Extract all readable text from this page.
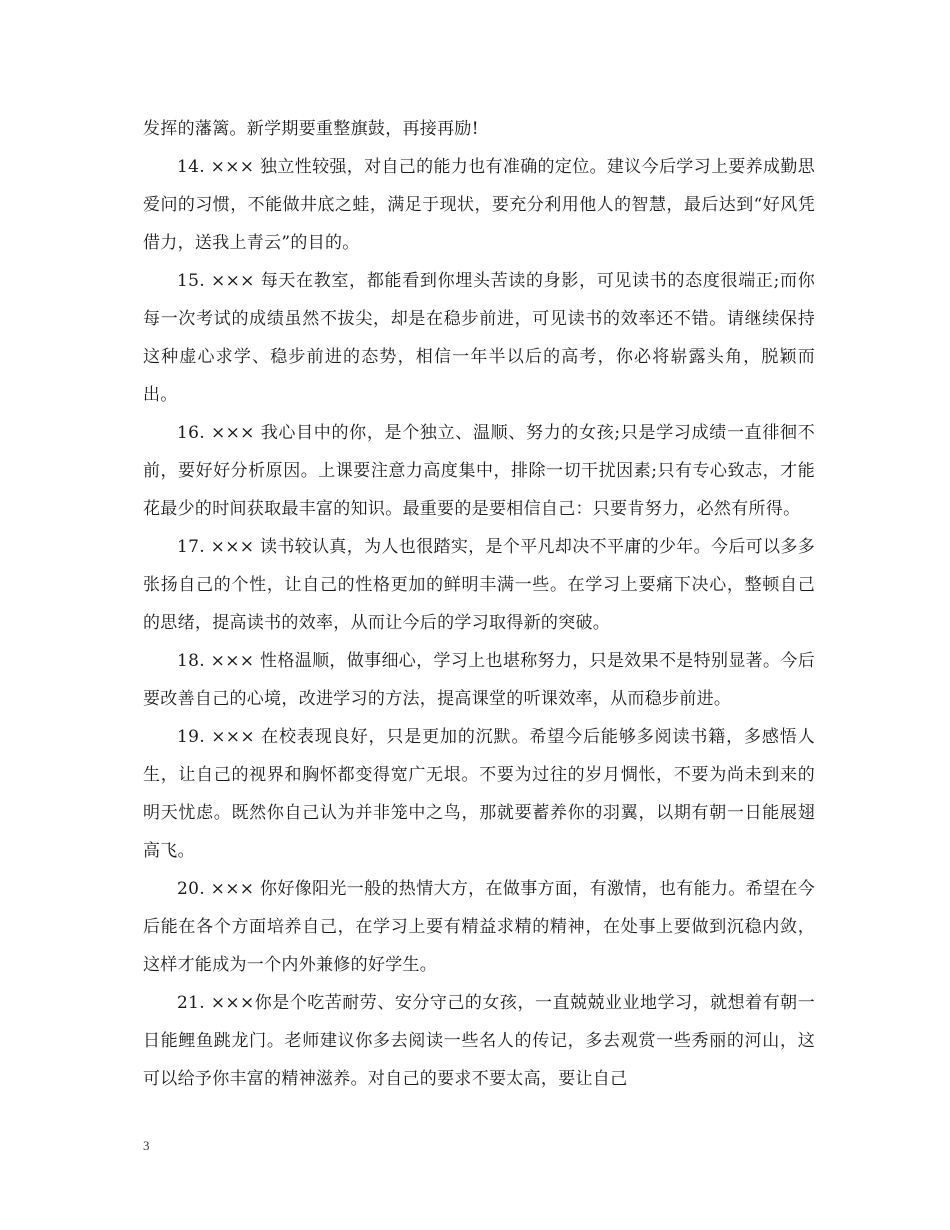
发挥的藩篱。新学期要重整旗鼓，再接再励!

14. ××× 独立性较强，对自己的能力也有准确的定位。建议今后学习上要养成勤思爱问的习惯，不能做井底之蛙，满足于现状，要充分利用他人的智慧，最后达到“好风凭借力，送我上青云”的目的。

15. ××× 每天在教室，都能看到你埋头苦读的身影，可见读书的态度很端正;而你每一次考试的成绩虽然不拔尖，却是在稳步前进，可见读书的效率还不错。请继续保持这种虚心求学、稳步前进的态势，相信一年半以后的高考，你必将崭露头角，脱颖而出。

16. ××× 我心目中的你，是个独立、温顺、努力的女孩;只是学习成绩一直徘徊不前，要好好分析原因。上课要注意力高度集中，排除一切干扰因素;只有专心致志，才能花最少的时间获取最丰富的知识。最重要的是要相信自己：只要肯努力，必然有所得。

17. ××× 读书较认真，为人也很踏实，是个平凡却决不平庸的少年。今后可以多多张扬自己的个性，让自己的性格更加的鲜明丰满一些。在学习上要痛下决心，整顿自己的思绪，提高读书的效率，从而让今后的学习取得新的突破。

18. ××× 性格温顺，做事细心，学习上也堪称努力，只是效果不是特别显著。今后要改善自己的心境，改进学习的方法，提高课堂的听课效率，从而稳步前进。

19. ××× 在校表现良好，只是更加的沉默。希望今后能够多阅读书籍，多感悟人生，让自己的视界和胸怀都变得宽广无垠。不要为过往的岁月惆怅，不要为尚未到来的明天忧虑。既然你自己认为并非笼中之鸟，那就要蓄养你的羽翼，以期有朝一日能展翅高飞。

20. ××× 你好像阳光一般的热情大方，在做事方面，有激情，也有能力。希望在今后能在各个方面培养自己，在学习上要有精益求精的精神，在处事上要做到沉稳内敛，这样才能成为一个内外兼修的好学生。

21. ×××你是个吃苦耐劳、安分守己的女孩，一直兢兢业业地学习，就想着有朝一日能鲤鱼跳龙门。老师建议你多去阅读一些名人的传记，多去观赏一些秀丽的河山，这可以给予你丰富的精神滋养。对自己的要求不要太高，要让自己

3
